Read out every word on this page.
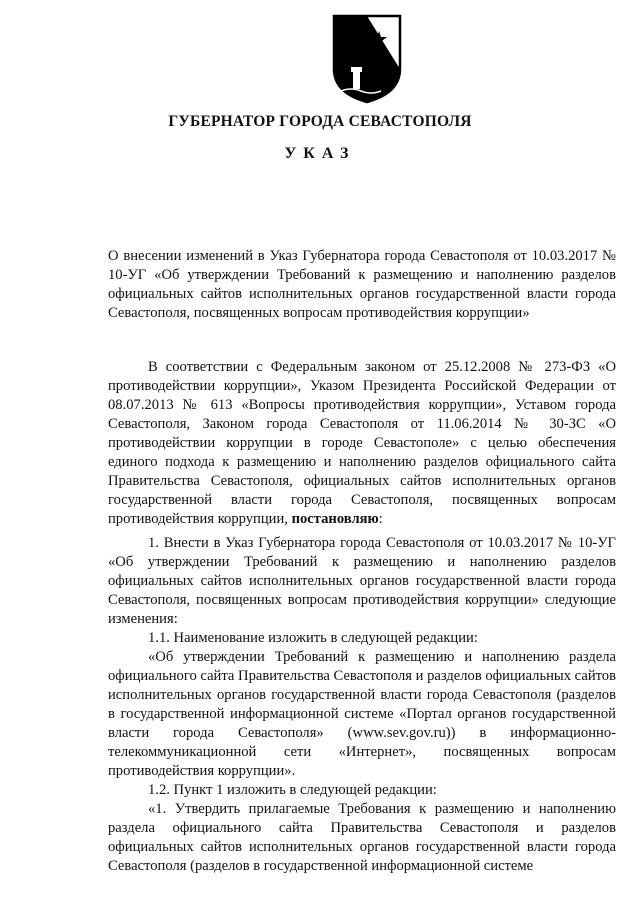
ГУБЕРНАТОР ГОРОДА СЕВАСТОПОЛЯ
УКАЗ

О внесении изменений в Указ Губернатора города Севастополя от 10.03.2017 № 10-УГ «Об утверждении Требований к размещению и наполнению разделов официальных сайтов исполнительных органов государственной власти города Севастополя, посвященных вопросам противодействия коррупции»

В соответствии с Федеральным законом от 25.12.2008 № 273-ФЗ «О противодействии коррупции», Указом Президента Российской Федерации от 08.07.2013 № 613 «Вопросы противодействия коррупции», Уставом города Севастополя, Законом города Севастополя от 11.06.2014 № 30-ЗС «О противодействии коррупции в городе Севастополе» с целью обеспечения единого подхода к размещению и наполнению разделов официального сайта Правительства Севастополя, официальных сайтов исполнительных органов государственной власти города Севастополя, посвященных вопросам противодействия коррупции, постановляю:

1. Внести в Указ Губернатора города Севастополя от 10.03.2017 № 10-УГ «Об утверждении Требований к размещению и наполнению разделов официальных сайтов исполнительных органов государственной власти города Севастополя, посвященных вопросам противодействия коррупции» следующие изменения:

1.1. Наименование изложить в следующей редакции:

«Об утверждении Требований к размещению и наполнению раздела официального сайта Правительства Севастополя и разделов официальных сайтов исполнительных органов государственной власти города Севастополя (разделов в государственной информационной системе «Портал органов государственной власти города Севастополя» (www.sev.gov.ru)) в информационно-телекоммуникационной сети «Интернет», посвященных вопросам противодействия коррупции».

1.2. Пункт 1 изложить в следующей редакции:

«1. Утвердить прилагаемые Требования к размещению и наполнению раздела официального сайта Правительства Севастополя и разделов официальных сайтов исполнительных органов государственной власти города Севастополя (разделов в государственной информационной системе
